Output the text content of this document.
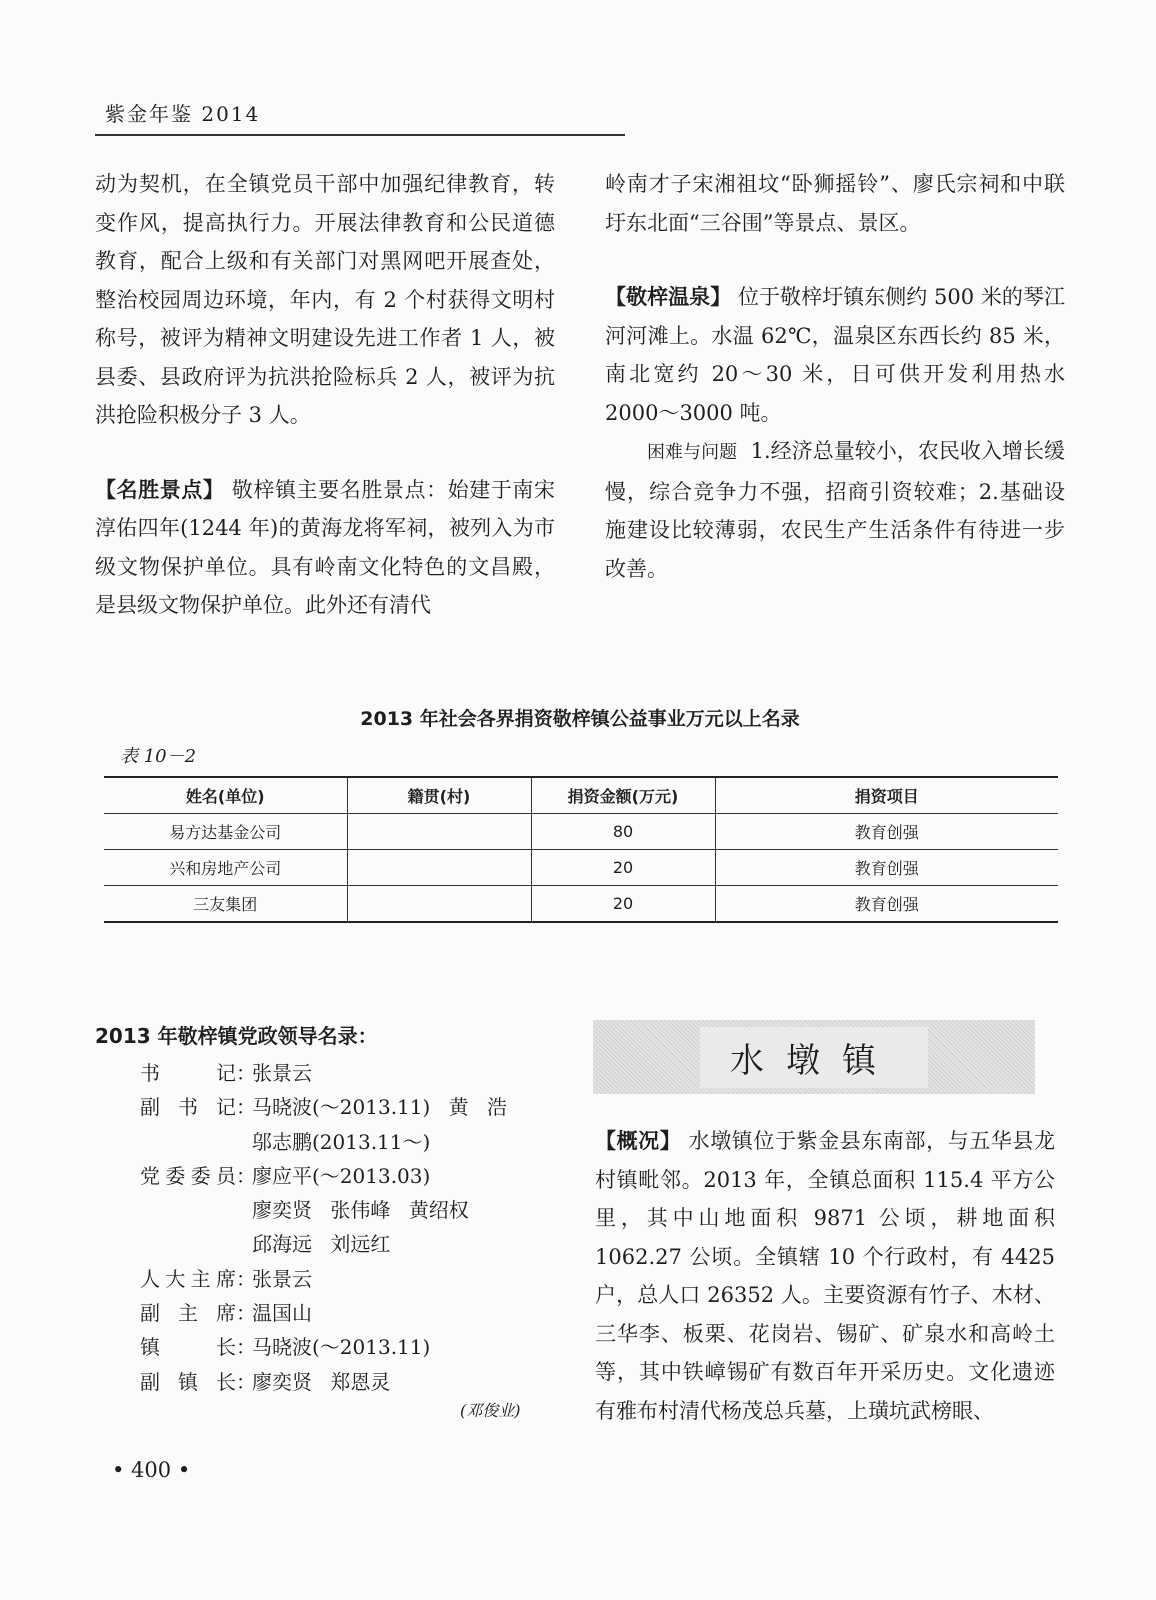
紫金年鉴 2014

动为契机，在全镇党员干部中加强纪律教育，转变作风，提高执行力。开展法律教育和公民道德教育，配合上级和有关部门对黑网吧开展查处，整治校园周边环境，年内，有 2 个村获得文明村称号，被评为精神文明建设先进工作者 1 人，被县委、县政府评为抗洪抢险标兵 2 人，被评为抗洪抢险积极分子 3 人。

【名胜景点】 敬梓镇主要名胜景点：始建于南宋淳佑四年(1244 年)的黄海龙将军祠，被列入为市级文物保护单位。具有岭南文化特色的文昌殿，是县级文物保护单位。此外还有清代

岭南才子宋湘祖坟“卧狮摇铃”、廖氏宗祠和中联圩东北面“三谷围”等景点、景区。

【敬梓温泉】 位于敬梓圩镇东侧约 500 米的琴江河河滩上。水温 62℃，温泉区东西长约 85 米，南北宽约 20～30 米，日可供开发利用热水 2000～3000 吨。

困难与问题 1.经济总量较小，农民收入增长缓慢，综合竞争力不强，招商引资较难；2.基础设施建设比较薄弱，农民生产生活条件有待进一步改善。

2013 年社会各界捐资敬梓镇公益事业万元以上名录
表 10－2
姓名(单位)	籍贯(村)	捐资金额(万元)	捐资项目
易方达基金公司		80	教育创强
兴和房地产公司		20	教育创强
三友集团		20	教育创强
2013 年敬梓镇党政领导名录：
书	记 ：
张景云
副 书 记 ：
马晓波(～2013.11) 黄 浩
邬志鹏(2013.11～)
党 委 委 员 ：
廖应平(～2013.03)
廖奕贤 张伟峰 黄绍权
邱海远 刘远红
人 大 主 席 ：
张景云
副 主 席 ：
温国山
镇	长 ：
马晓波(～2013.11)
副 镇 长 ：
廖奕贤 郑恩灵
(邓俊业)
• 400 •
水墩镇

【概况】 水墩镇位于紫金县东南部，与五华县龙村镇毗邻。2013 年，全镇总面积 115.4 平方公里，其中山地面积 9871 公顷，耕地面积 1062.27 公顷。全镇辖 10 个行政村，有 4425 户，总人口 26352 人。主要资源有竹子、木材、三华李、板栗、花岗岩、锡矿、矿泉水和高岭土等，其中铁嶂锡矿有数百年开采历史。文化遗迹有雅布村清代杨茂总兵墓，上璜坑武榜眼、
